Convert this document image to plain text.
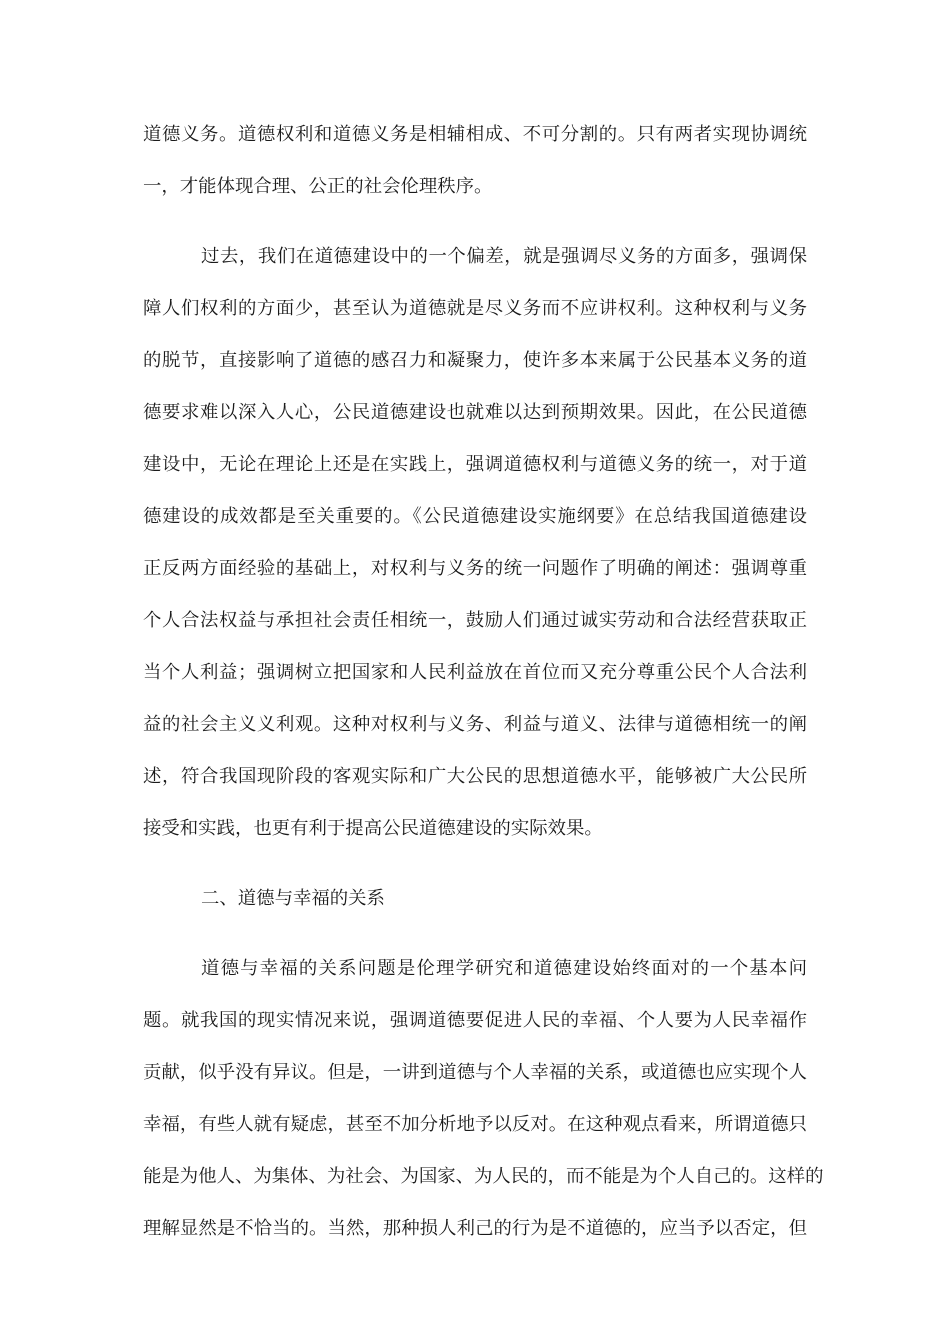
道德义务。道德权利和道德义务是相辅相成、不可分割的。只有两者实现协调统
一，才能体现合理、公正的社会伦理秩序。
过去，我们在道德建设中的一个偏差，就是强调尽义务的方面多，强调保
障人们权利的方面少，甚至认为道德就是尽义务而不应讲权利。这种权利与义务
的脱节，直接影响了道德的感召力和凝聚力，使许多本来属于公民基本义务的道
德要求难以深入人心，公民道德建设也就难以达到预期效果。因此，在公民道德
建设中，无论在理论上还是在实践上，强调道德权利与道德义务的统一，对于道
德建设的成效都是至关重要的。《公民道德建设实施纲要》在总结我国道德建设
正反两方面经验的基础上，对权利与义务的统一问题作了明确的阐述：强调尊重
个人合法权益与承担社会责任相统一，鼓励人们通过诚实劳动和合法经营获取正
当个人利益；强调树立把国家和人民利益放在首位而又充分尊重公民个人合法利
益的社会主义义利观。这种对权利与义务、利益与道义、法律与道德相统一的阐
述，符合我国现阶段的客观实际和广大公民的思想道德水平，能够被广大公民所
接受和实践，也更有利于提高公民道德建设的实际效果。
二、道德与幸福的关系
道德与幸福的关系问题是伦理学研究和道德建设始终面对的一个基本问
题。就我国的现实情况来说，强调道德要促进人民的幸福、个人要为人民幸福作
贡献，似乎没有异议。但是，一讲到道德与个人幸福的关系，或道德也应实现个人
幸福，有些人就有疑虑，甚至不加分析地予以反对。在这种观点看来，所谓道德只
能是为他人、为集体、为社会、为国家、为人民的，而不能是为个人自己的。这样的
理解显然是不恰当的。当然，那种损人利己的行为是不道德的，应当予以否定，但
